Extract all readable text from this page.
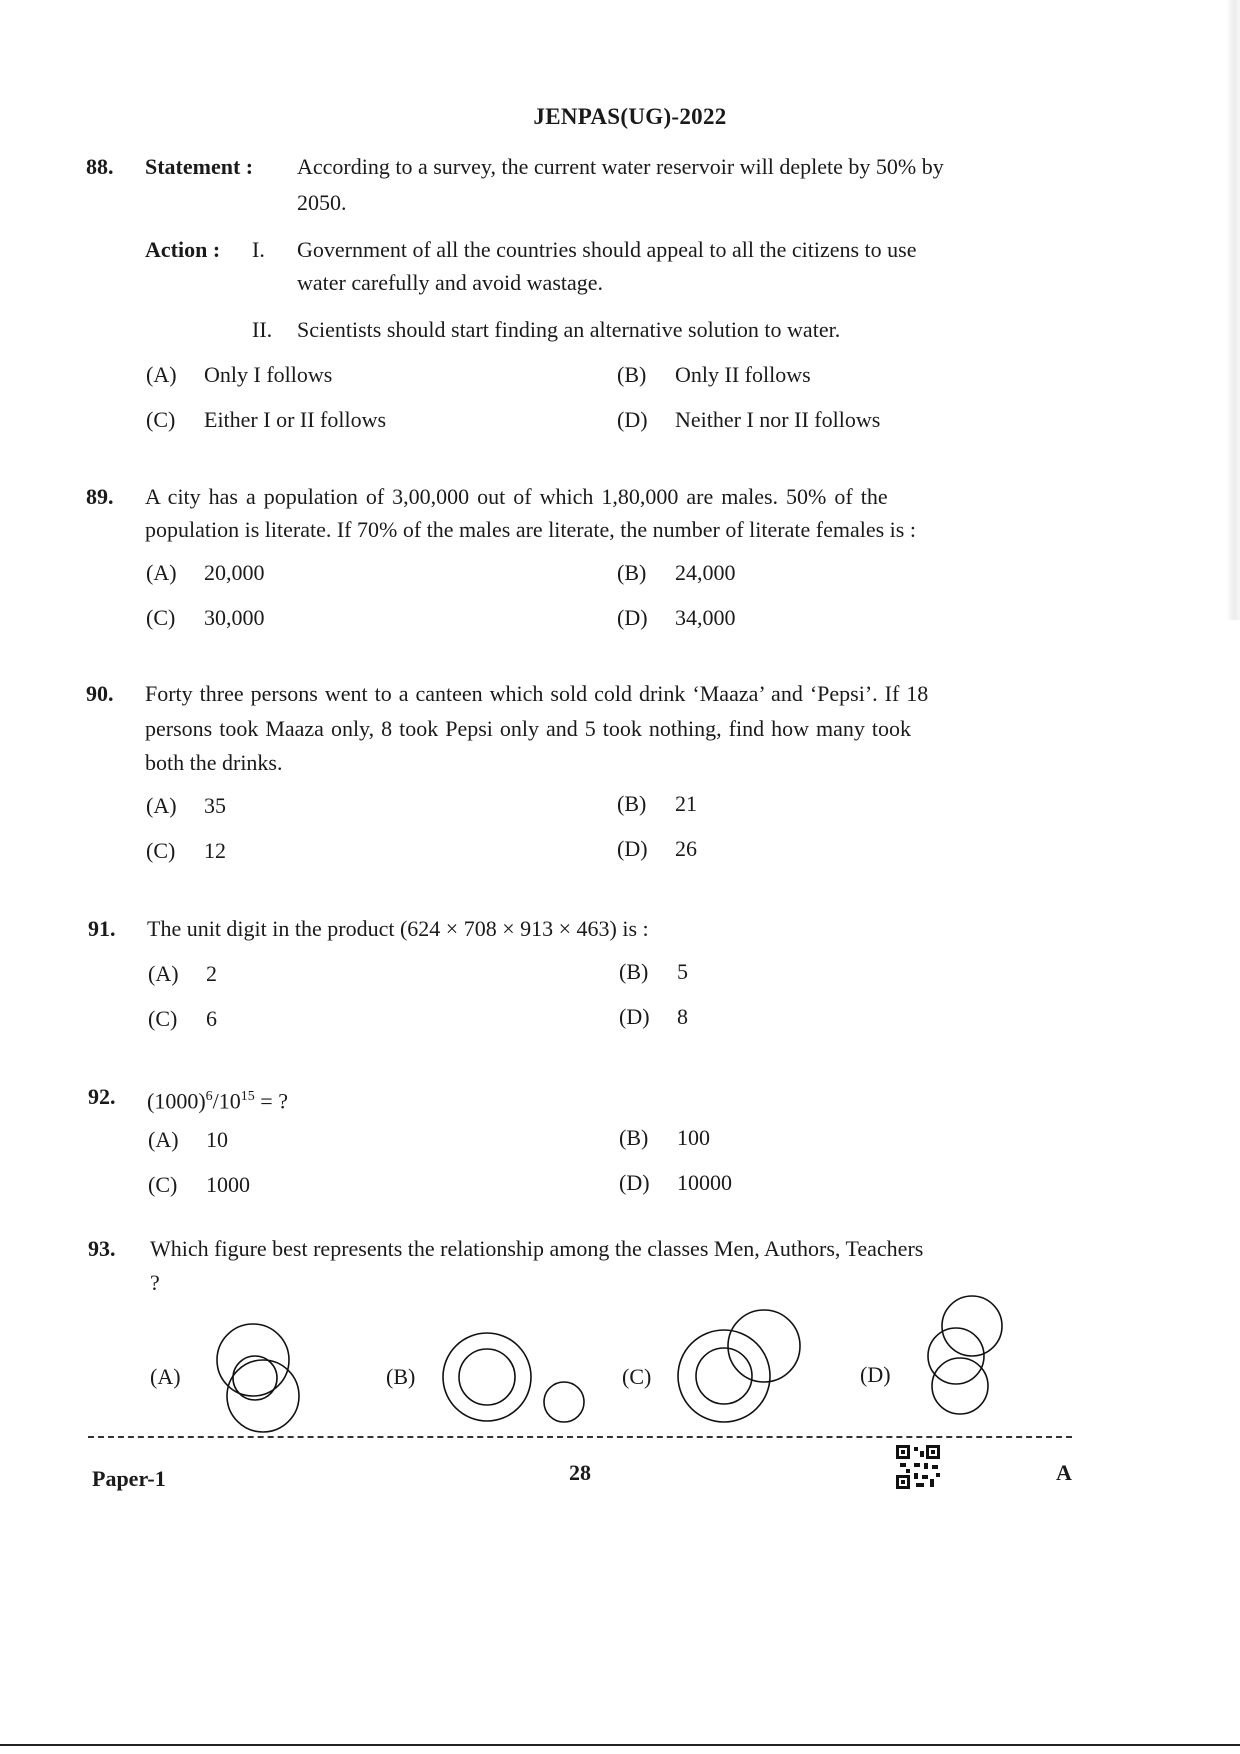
JENPAS(UG)-2022
88. Statement : According to a survey, the current water reservoir will deplete by 50% by
2050.
Action : I. Government of all the countries should appeal to all the citizens to use
water carefully and avoid wastage.
II. Scientists should start finding an alternative solution to water.
(A) Only I follows	(B) Only II follows
(C) Either I or II follows	(D) Neither I nor II follows
89. A city has a population of 3,00,000 out of which 1,80,000 are males. 50% of the
population is literate. If 70% of the males are literate, the number of literate females is :
(A) 20,000	(B) 24,000
(C) 30,000	(D) 34,000
90. Forty three persons went to a canteen which sold cold drink ‘Maaza’ and ‘Pepsi’. If 18
persons took Maaza only, 8 took Pepsi only and 5 took nothing, find how many took
both the drinks.
(A) 35	(B) 21
(C) 12	(D) 26
91. The unit digit in the product (624 × 708 × 913 × 463) is :
(A) 2	(B) 5
(C) 6	(D) 8
92. $(1000)^6/10^{15}$ = ?
(A) 10	(B) 100
(C) 1000	(D) 10000
93. Which figure best represents the relationship among the classes Men, Authors, Teachers
?
(A)	(B)	(C)	(D)
Paper-1	28	A
